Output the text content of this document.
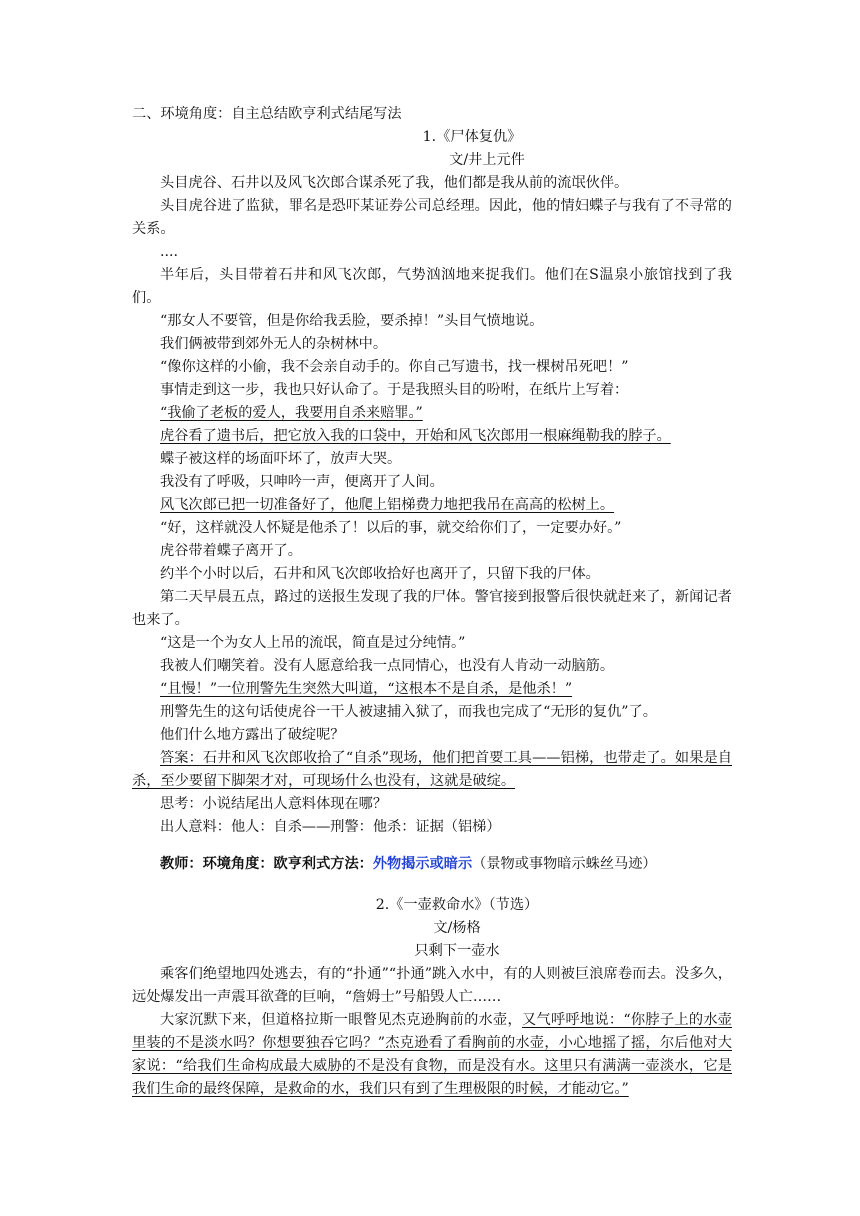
二、环境角度：自主总结欧亨利式结尾写法
1.《尸体复仇》
文/井上元件
头目虎谷、石井以及风飞次郎合谋杀死了我，他们都是我从前的流氓伙伴。
头目虎谷进了监狱，罪名是恐吓某证券公司总经理。因此，他的情妇蝶子与我有了不寻常的关系。
....
半年后，头目带着石井和风飞次郎，气势汹汹地来捉我们。他们在S温泉小旅馆找到了我们。
“那女人不要管，但是你给我丢脸，要杀掉！”头目气愤地说。
我们俩被带到郊外无人的杂树林中。
“像你这样的小偷，我不会亲自动手的。你自己写遗书，找一棵树吊死吧！”
事情走到这一步，我也只好认命了。于是我照头目的吩咐，在纸片上写着：
“我偷了老板的爱人，我要用自杀来赔罪。”
虎谷看了遗书后，把它放入我的口袋中，开始和风飞次郎用一根麻绳勒我的脖子。
蝶子被这样的场面吓坏了，放声大哭。
我没有了呼吸，只呻吟一声，便离开了人间。
风飞次郎已把一切准备好了，他爬上铝梯费力地把我吊在高高的松树上。
“好，这样就没人怀疑是他杀了！以后的事，就交给你们了，一定要办好。”
虎谷带着蝶子离开了。
约半个小时以后，石井和风飞次郎收拾好也离开了，只留下我的尸体。
第二天早晨五点，路过的送报生发现了我的尸体。警官接到报警后很快就赶来了，新闻记者也来了。
“这是一个为女人上吊的流氓，简直是过分纯情。”
我被人们嘲笑着。没有人愿意给我一点同情心，也没有人肯动一动脑筋。
“且慢！”一位刑警先生突然大叫道，“这根本不是自杀，是他杀！”
刑警先生的这句话使虎谷一干人被逮捕入狱了，而我也完成了“无形的复仇”了。
他们什么地方露出了破绽呢？
答案：石井和风飞次郎收拾了“自杀”现场，他们把首要工具——铝梯，也带走了。如果是自杀，至少要留下脚架才对，可现场什么也没有，这就是破绽。
思考：小说结尾出人意料体现在哪？
出人意料：他人：自杀——刑警：他杀：证据（铝梯）
教师：环境角度：欧亨利式方法：外物揭示或暗示（景物或事物暗示蛛丝马迹）
2.《一壶救命水》（节选）
文/杨格
只剩下一壶水
乘客们绝望地四处逃去，有的“扑通”“扑通”跳入水中，有的人则被巨浪席卷而去。没多久，远处爆发出一声震耳欲聋的巨响，“詹姆士”号船毁人亡……
大家沉默下来，但道格拉斯一眼瞥见杰克逊胸前的水壶，又气呼呼地说：“你脖子上的水壶里装的不是淡水吗？你想要独吞它吗？”杰克逊看了看胸前的水壶，小心地摇了摇，尔后他对大家说：“给我们生命构成最大威胁的不是没有食物，而是没有水。这里只有满满一壶淡水，它是我们生命的最终保障，是救命的水，我们只有到了生理极限的时候，才能动它。”
